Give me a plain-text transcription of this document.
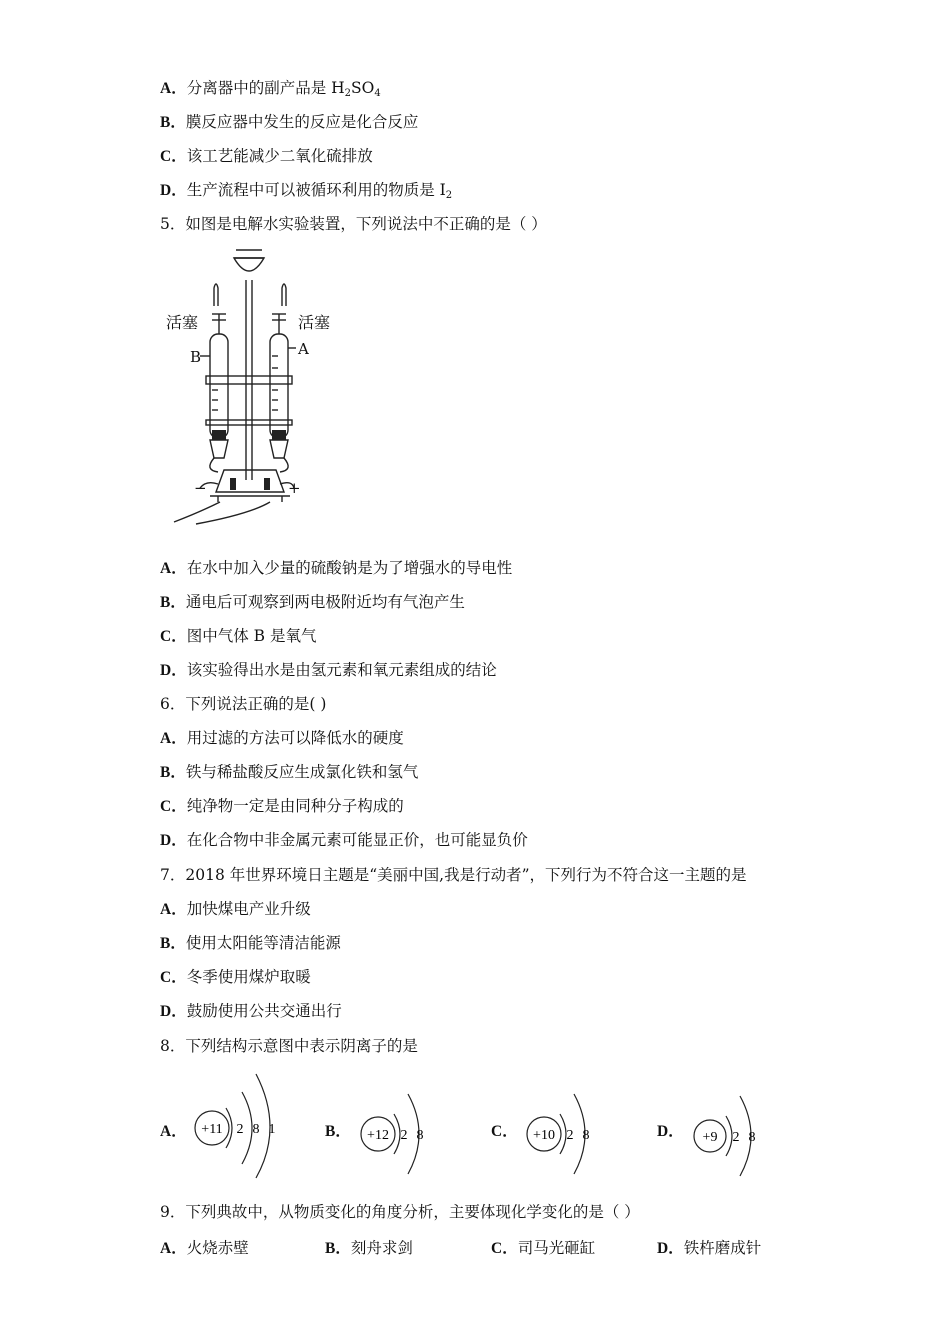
A．分离器中的副产品是 $H_2SO_4$
B．膜反应器中发生的反应是化合反应
C．该工艺能减少二氧化硫排放
D．生产流程中可以被循环利用的物质是 $I_2$
5．如图是电解水实验装置，下列说法中不正确的是（ ）
活塞	活塞
B	A
−	+
A．在水中加入少量的硫酸钠是为了增强水的导电性
B．通电后可观察到两电极附近均有气泡产生
C．图中气体 B 是氧气
D．该实验得出水是由氢元素和氧元素组成的结论
6．下列说法正确的是( )
A．用过滤的方法可以降低水的硬度
B．铁与稀盐酸反应生成氯化铁和氢气
C．纯净物一定是由同种分子构成的
D．在化合物中非金属元素可能显正价，也可能显负价
7．2018 年世界环境日主题是“美丽中国,我是行动者”，下列行为不符合这一主题的是
A．加快煤电产业升级
B．使用太阳能等清洁能源
C．冬季使用煤炉取暖
D．鼓励使用公共交通出行
8．下列结构示意图中表示阴离子的是
A． +11 2 8 1	B． +12 2 8	C． +10 2 8	D． +9 2 8
9．下列典故中，从物质变化的角度分析，主要体现化学变化的是（ ）
A．火烧赤壁	B．刻舟求剑	C．司马光砸缸	D．铁杵磨成针
